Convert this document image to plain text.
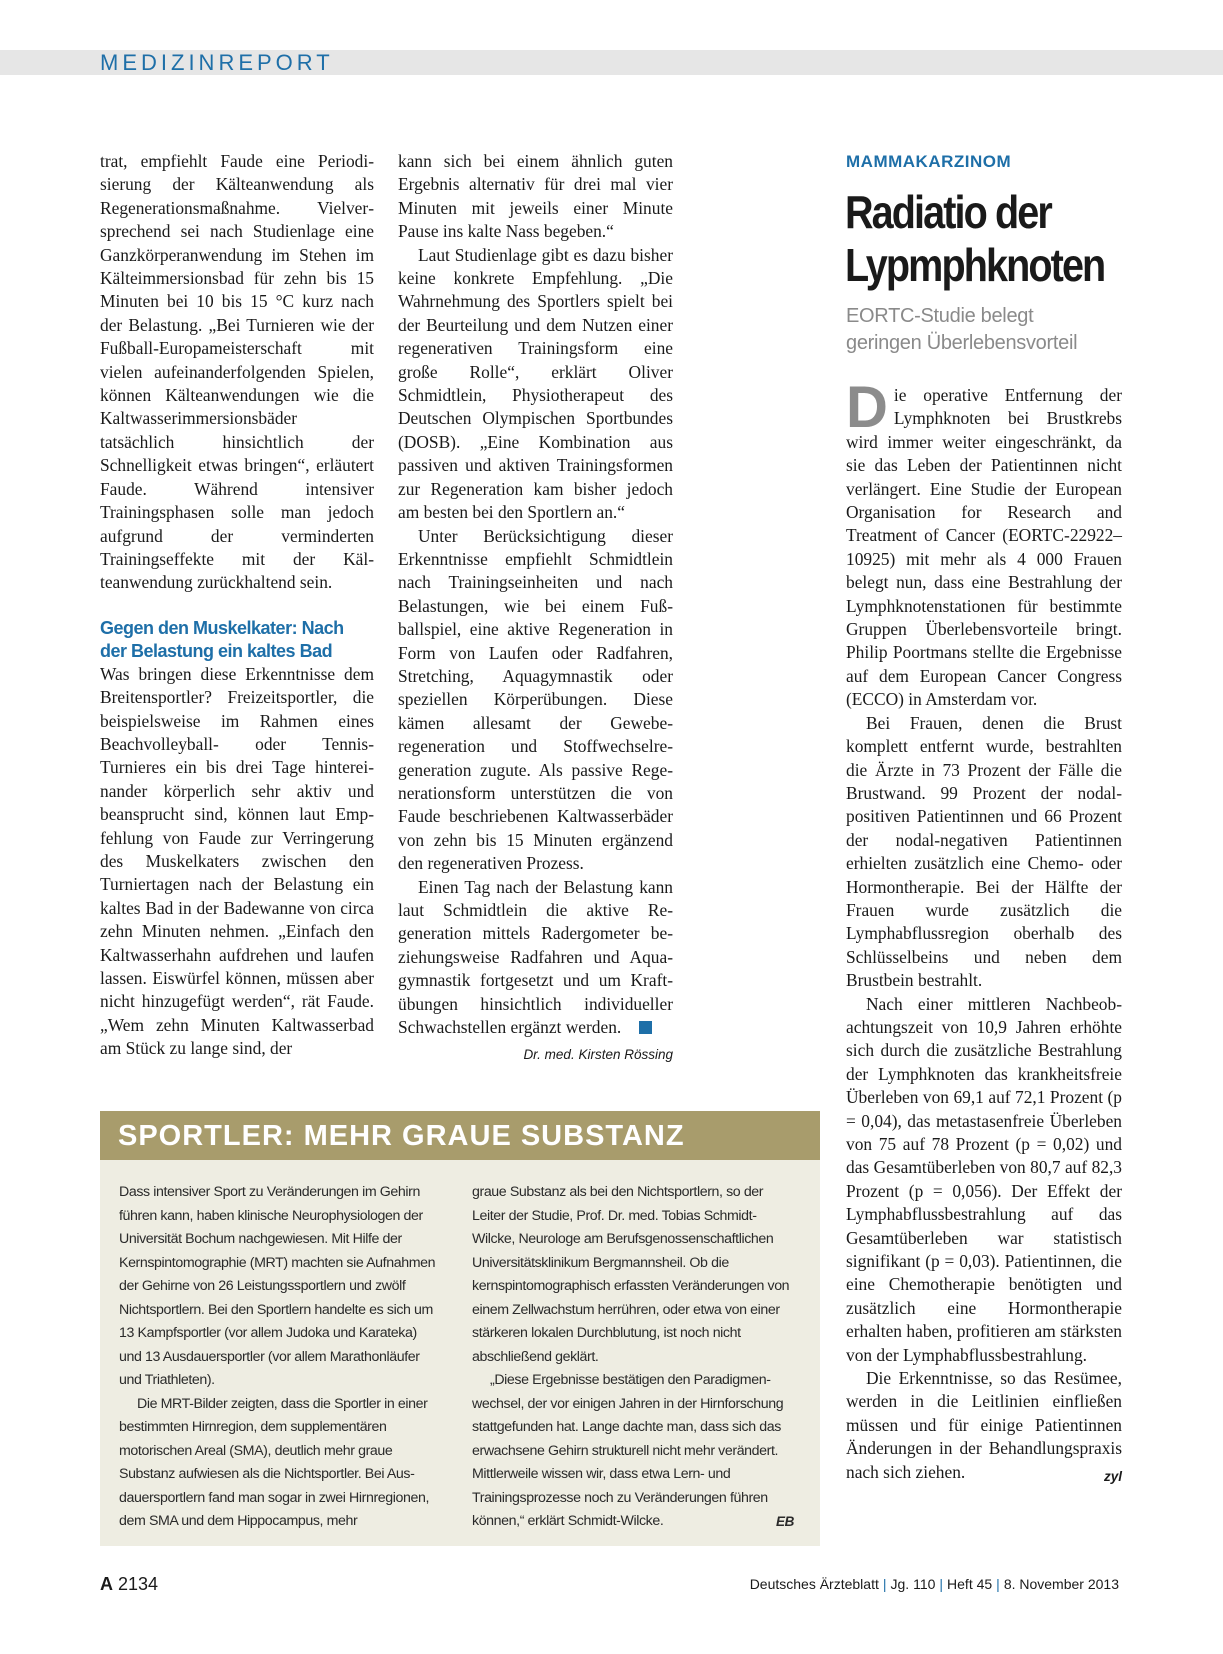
MEDIZINREPORT

trat, empfiehlt Faude eine Periodisierung der Kälteanwendung als Regenerationsmaßnahme. Vielversprechend sei nach Studienlage eine Ganzkörperanwendung im Stehen im Kälteimmersionsbad für zehn bis 15 Minuten bei 10 bis 15 °C kurz nach der Belastung. „Bei Turnieren wie der Fußball-Europameisterschaft mit vielen aufeinanderfolgenden Spielen, können Kälteanwendungen wie die Kaltwasserimmersionsbäder tatsächlich hinsichtlich der Schnelligkeit etwas bringen“, erläutert Faude. Während intensiver Trainingsphasen solle man jedoch aufgrund der verminderten Trainingseffekte mit der Kälteanwendung zurückhaltend sein.

Gegen den Muskelkater: Nach der Belastung ein kaltes Bad

Was bringen diese Erkenntnisse dem Breitensportler? Freizeitsportler, die beispielsweise im Rahmen eines Beachvolleyball- oder Tennis-Turnieres ein bis drei Tage hintereinander körperlich sehr aktiv und beansprucht sind, können laut Empfehlung von Faude zur Verringerung des Muskelkaters zwischen den Turniertagen nach der Belastung ein kaltes Bad in der Badewanne von circa zehn Minuten nehmen. „Einfach den Kaltwasserhahn aufdrehen und laufen lassen. Eiswürfel können, müssen aber nicht hinzugefügt werden“, rät Faude. „Wem zehn Minuten Kaltwasserbad am Stück zu lange sind, der

kann sich bei einem ähnlich guten Ergebnis alternativ für drei mal vier Minuten mit jeweils einer Minute Pause ins kalte Nass begeben.“

Laut Studienlage gibt es dazu bisher keine konkrete Empfehlung. „Die Wahrnehmung des Sportlers spielt bei der Beurteilung und dem Nutzen einer regenerativen Trainingsform eine große Rolle“, erklärt Oliver Schmidtlein, Physiotherapeut des Deutschen Olympischen Sportbundes (DOSB). „Eine Kombination aus passiven und aktiven Trainingsformen zur Regeneration kam bisher jedoch am besten bei den Sportlern an.“

Unter Berücksichtigung dieser Erkenntnisse empfiehlt Schmidtlein nach Trainingseinheiten und nach Belastungen, wie bei einem Fußballspiel, eine aktive Regeneration in Form von Laufen oder Radfahren, Stretching, Aquagymnastik oder speziellen Körperübungen. Diese kämen allesamt der Geweberegeneration und Stoffwechselregeneration zugute. Als passive Regenerationsform unterstützen die von Faude beschriebenen Kaltwasserbäder von zehn bis 15 Minuten ergänzend den regenerativen Prozess.

Einen Tag nach der Belastung kann laut Schmidtlein die aktive Regeneration mittels Radergometer beziehungsweise Radfahren und Aquagymnastik fortgesetzt und um Kraftübungen hinsichtlich individueller Schwachstellen ergänzt werden.

Dr. med. Kirsten Rössing
MAMMAKARZINOM
Radiatio der
Lypmphknoten
EORTC-Studie belegt
geringen Überlebensvorteil

Die operative Entfernung der Lymphknoten bei Brustkrebs wird immer weiter eingeschränkt, da sie das Leben der Patientinnen nicht verlängert. Eine Studie der European Organisation for Research and Treatment of Cancer (EORTC-22922–10925) mit mehr als 4 000 Frauen belegt nun, dass eine Bestrahlung der Lymphknotenstationen für bestimmte Gruppen Überlebensvorteile bringt. Philip Poortmans stellte die Ergebnisse auf dem European Cancer Congress (ECCO) in Amsterdam vor.

Bei Frauen, denen die Brust komplett entfernt wurde, bestrahlten die Ärzte in 73 Prozent der Fälle die Brustwand. 99 Prozent der nodal-positiven Patientinnen und 66 Prozent der nodal-negativen Patientinnen erhielten zusätzlich eine Chemo- oder Hormontherapie. Bei der Hälfte der Frauen wurde zusätzlich die Lymphabflussregion oberhalb des Schlüsselbeins und neben dem Brustbein bestrahlt.

Nach einer mittleren Nachbeobachtungszeit von 10,9 Jahren erhöhte sich durch die zusätzliche Bestrahlung der Lymphknoten das krankheitsfreie Überleben von 69,1 auf 72,1 Prozent (p = 0,04), das metastasenfreie Überleben von 75 auf 78 Prozent (p = 0,02) und das Gesamtüberleben von 80,7 auf 82,3 Prozent (p = 0,056). Der Effekt der Lymphabflussbestrahlung auf das Gesamtüberleben war statistisch signifikant (p = 0,03). Patientinnen, die eine Chemotherapie benötigten und zusätzlich eine Hormontherapie erhalten haben, profitieren am stärksten von der Lymphabflussbestrahlung.

Die Erkenntnisse, so das Resümee, werden in die Leitlinien einfließen müssen und für einige Patientinnen Änderungen in der Behandlungspraxis nach sich ziehen.	zyl

SPORTLER: MEHR GRAUE SUBSTANZ

Dass intensiver Sport zu Veränderungen im Gehirn führen kann, haben klinische Neurophysiologen der Universität Bochum nachgewiesen. Mit Hilfe der Kernspintomographie (MRT) machten sie Aufnahmen der Gehirne von 26 Leistungssportlern und zwölf Nichtsportlern. Bei den Sportlern handelte es sich um 13 Kampfsportler (vor allem Judoka und Karateka) und 13 Ausdauersportler (vor allem Marathonläufer und Triathleten).

Die MRT-Bilder zeigten, dass die Sportler in einer bestimmten Hirnregion, dem supplementären motorischen Areal (SMA), deutlich mehr graue Substanz aufwiesen als die Nichtsportler. Bei Ausdauersportlern fand man sogar in zwei Hirnregionen, dem SMA und dem Hippocampus, mehr

graue Substanz als bei den Nichtsportlern, so der Leiter der Studie, Prof. Dr. med. Tobias Schmidt-Wilcke, Neurologe am Berufsgenossenschaftlichen Universitätsklinikum Bergmannsheil. Ob die kernspintomographisch erfassten Veränderungen von einem Zellwachstum herrühren, oder etwa von einer stärkeren lokalen Durchblutung, ist noch nicht abschließend geklärt.

„Diese Ergebnisse bestätigen den Paradigmenwechsel, der vor einigen Jahren in der Hirnforschung stattgefunden hat. Lange dachte man, dass sich das erwachsene Gehirn strukturell nicht mehr verändert. Mittlerweile wissen wir, dass etwa Lern- und Trainingsprozesse noch zu Veränderungen führen können,“ erklärt Schmidt-Wilcke.	EB

A 2134	Deutsches Ärzteblatt | Jg. 110 | Heft 45 | 8. November 2013
